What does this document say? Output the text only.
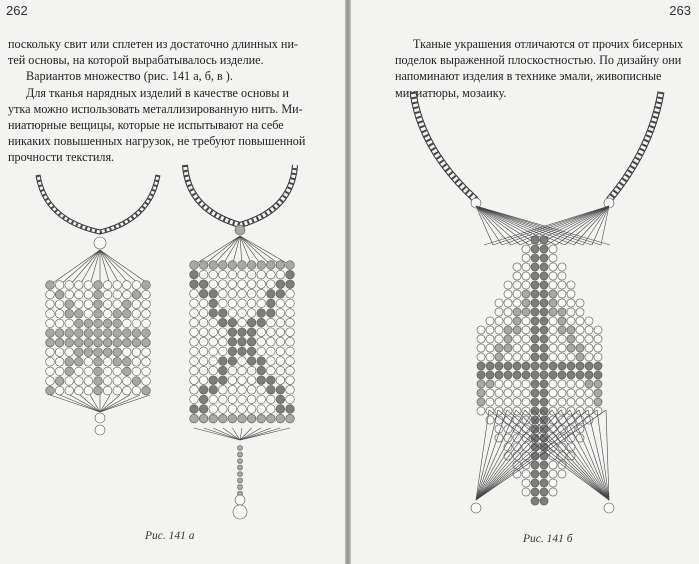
262

поскольку свит или сплетен из достаточно длинных ни-

тей основы, на которой вырабатывалось изделие.

Вариантов множество (рис. 141 а, б, в ).

Для тканья нарядных изделий в качестве основы и

утка можно использовать металлизированную нить. Ми-

ниатюрные вещицы, которые не испытывают на себе

никаких повышенных нагрузок, не требуют повышенной

прочности текстиля.

Рис. 141 а
263

Тканые украшения отличаются от прочих бисерных

поделок выраженной плоскостностью. По дизайну они

напоминают изделия в технике эмали, живописные

миниатюры, мозаику.

Рис. 141 б
